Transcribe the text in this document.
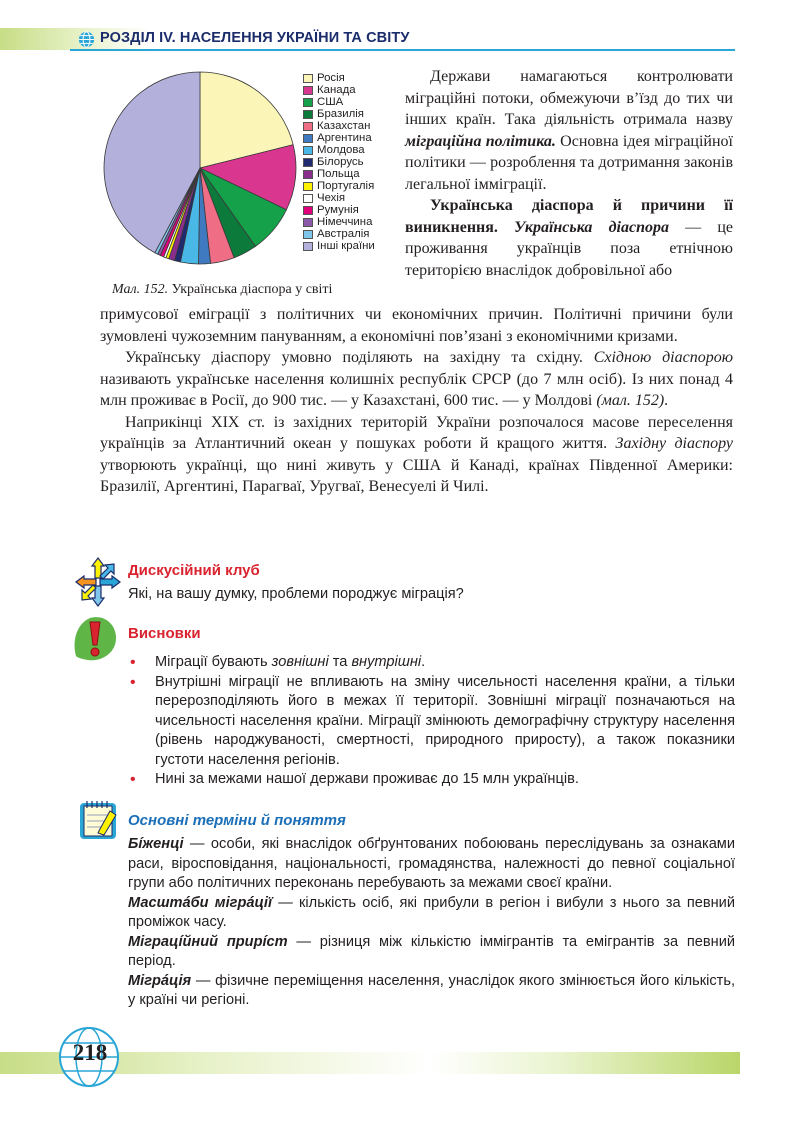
РОЗДІЛ IV. НАСЕЛЕННЯ УКРАЇНИ ТА СВІТУ
Росія
Канада
США
Бразилія
Казахстан
Аргентина
Молдова
Білорусь
Польща
Португалія
Чехія
Румунія
Німеччина
Австралія
Інші країни
Мал. 152. Українська діаспора у світі

Держави намагаються контролювати міграційні потоки, обмежуючи в’їзд до тих чи інших країн. Така діяльність отримала назву міграційна політика. Основна ідея міграційної політики — розроблення та дотримання законів легальної імміграції.

Українська діаспора й причини її виникнення. Українська діаспора — це проживання українців поза етнічною територією внаслідок добровільної або

примусової еміграції з політичних чи економічних причин. Політичні причини були зумовлені чужоземним пануванням, а економічні пов’язані з економічними кризами.

Українську діаспору умовно поділяють на західну та східну. Східною діаспорою називають українське населення колишніх республік СРСР (до 7 млн осіб). Із них понад 4 млн проживає в Росії, до 900 тис. — у Казахстані, 600 тис. — у Молдові (мал. 152).

Наприкінці XIX ст. із західних територій України розпочалося масове переселення українців за Атлантичний океан у пошуках роботи й кращого життя. Західну діаспору утворюють українці, що нині живуть у США й Канаді, країнах Південної Америки: Бразилії, Аргентині, Парагваї, Уругваї, Венесуелі й Чилі.

Дискусійний клуб
Які, на вашу думку, проблеми породжує міграція?
Висновки

• Міграції бувають зовнішні та внутрішні.

• Внутрішні міграції не впливають на зміну чисельності населення країни, а тільки перерозподіляють його в межах її території. Зовнішні міграції позначаються на чисельності населення країни. Міграції змінюють демографічну структуру населення (рівень народжуваності, смертності, природного приросту), а також показники густоти населення регіонів.

• Нині за межами нашої держави проживає до 15 млн українців.

Основні терміни й поняття

Бíженці — особи, які внаслідок обґрунтованих побоювань переслідувань за ознаками раси, віросповідання, національності, громадянства, належності до певної соціальної групи або політичних переконань перебувають за межами своєї країни.

Масштáби мігрáції — кількість осіб, які прибули в регіон і вибули з нього за певний проміжок часу.

Міграцíйний прирíст — різниця між кількістю іммігрантів та емігрантів за певний період.

Мігрáція — фізичне переміщення населення, унаслідок якого змінюється його кількість, у країні чи регіоні.

218
